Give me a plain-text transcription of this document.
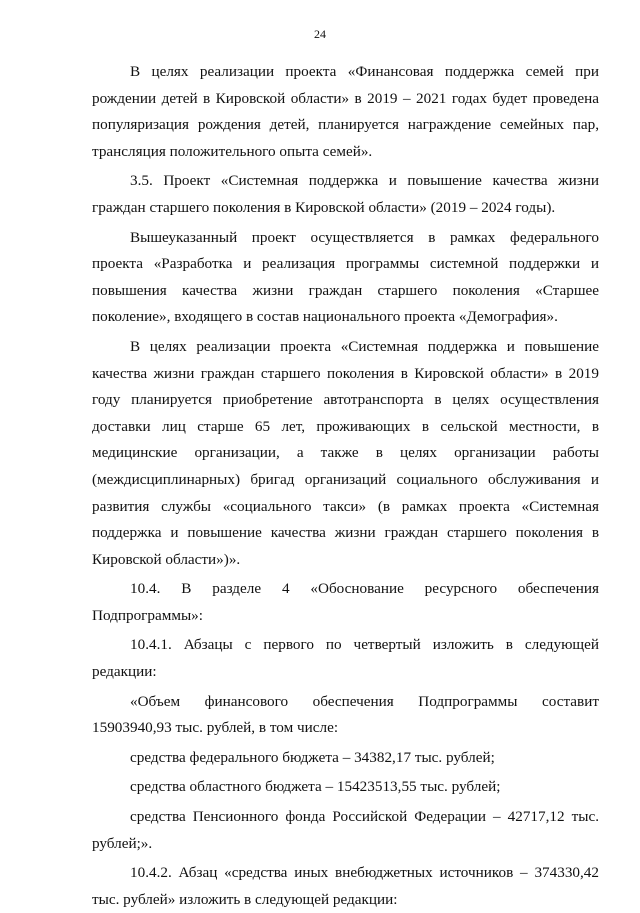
24

В целях реализации проекта «Финансовая поддержка семей при рождении детей в Кировской области» в 2019 – 2021 годах будет проведена популяризация рождения детей, планируется награждение семейных пар, трансляция положительного опыта семей».

3.5. Проект «Системная поддержка и повышение качества жизни граждан старшего поколения в Кировской области» (2019 – 2024 годы).

Вышеуказанный проект осуществляется в рамках федерального проекта «Разработка и реализация программы системной поддержки и повышения качества жизни граждан старшего поколения «Старшее поколение», входящего в состав национального проекта «Демография».

В целях реализации проекта «Системная поддержка и повышение качества жизни граждан старшего поколения в Кировской области» в 2019 году планируется приобретение автотранспорта в целях осуществления доставки лиц старше 65 лет, проживающих в сельской местности, в медицинские организации, а также в целях организации работы (междисциплинарных) бригад организаций социального обслуживания и развития службы «социального такси» (в рамках проекта «Системная поддержка и повышение качества жизни граждан старшего поколения в Кировской области»)».

10.4. В разделе 4 «Обоснование ресурсного обеспечения Подпрограммы»:

10.4.1. Абзацы с первого по четвертый изложить в следующей редакции:

«Объем финансового обеспечения Подпрограммы составит 15903940,93 тыс. рублей, в том числе:

средства федерального бюджета – 34382,17 тыс. рублей;

средства областного бюджета – 15423513,55 тыс. рублей;

средства Пенсионного фонда Российской Федерации – 42717,12 тыс. рублей;».

10.4.2. Абзац «средства иных внебюджетных источников – 374330,42 тыс. рублей» изложить в следующей редакции:
